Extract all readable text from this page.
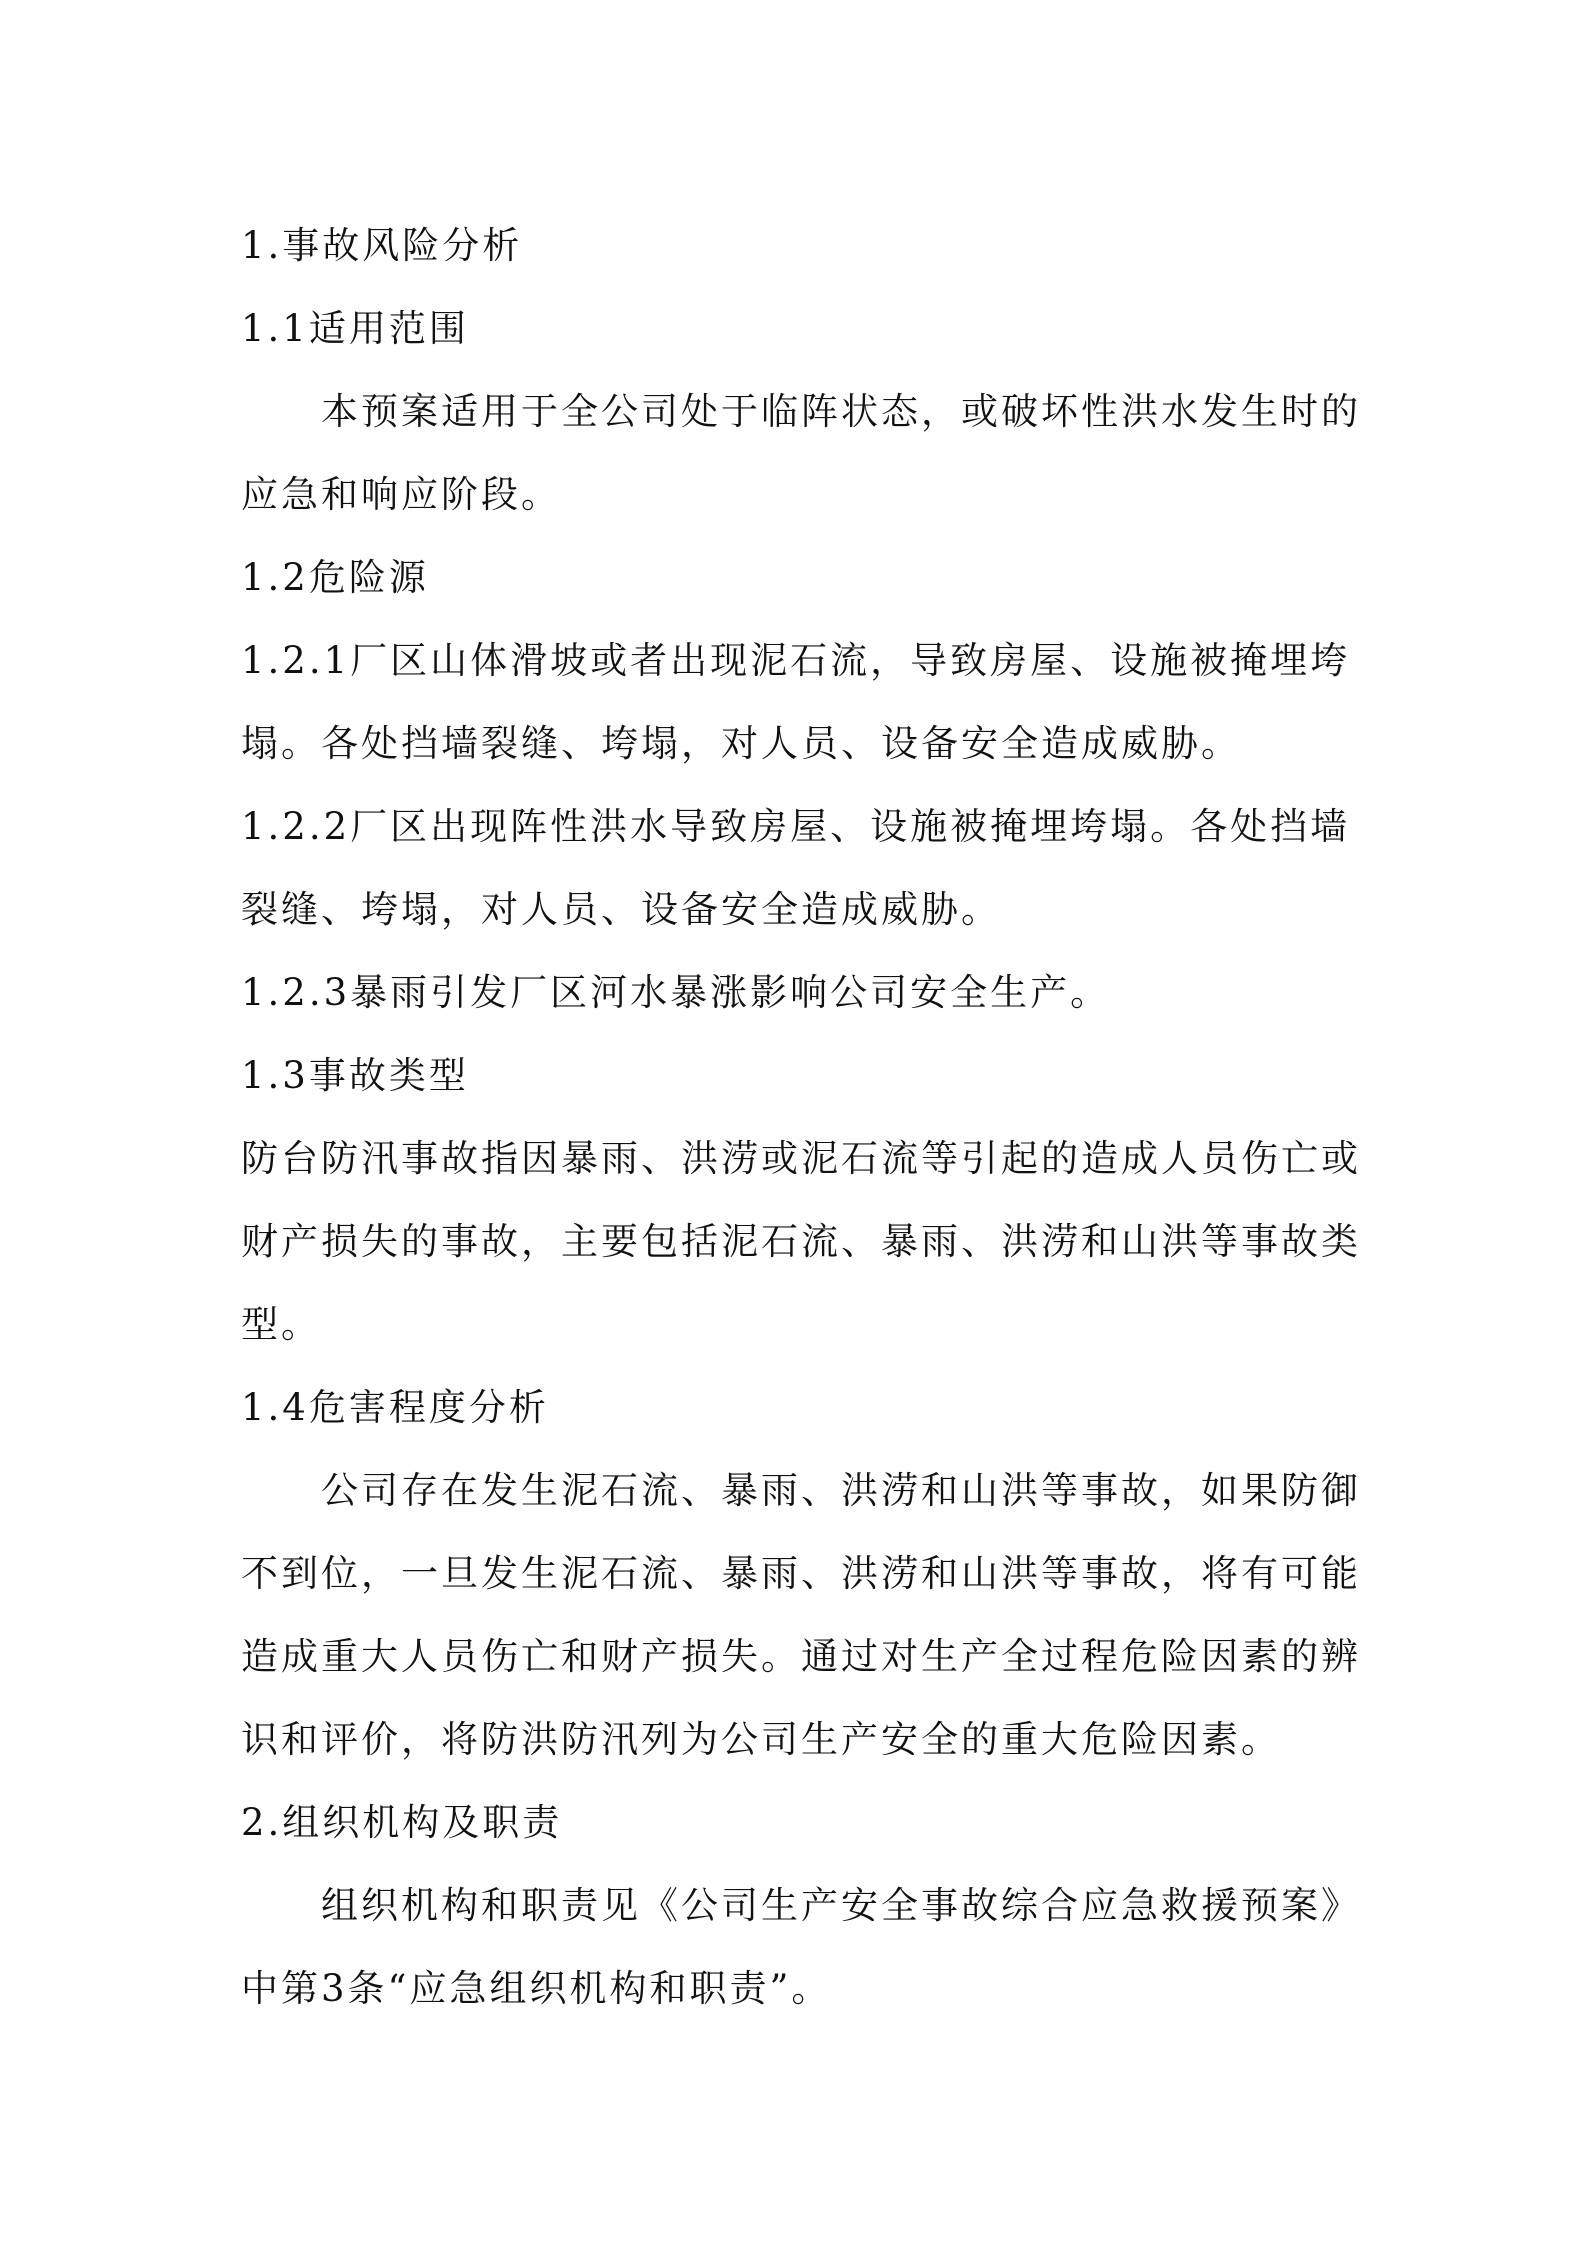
1.事故风险分析

1.1适用范围

本预案适用于全公司处于临阵状态，或破坏性洪水发生时的

应急和响应阶段。

1.2危险源

1.2.1厂区山体滑坡或者出现泥石流，导致房屋、设施被掩埋垮

塌。各处挡墙裂缝、垮塌，对人员、设备安全造成威胁。

1.2.2厂区出现阵性洪水导致房屋、设施被掩埋垮塌。各处挡墙

裂缝、垮塌，对人员、设备安全造成威胁。

1.2.3暴雨引发厂区河水暴涨影响公司安全生产。

1.3事故类型

防台防汛事故指因暴雨、洪涝或泥石流等引起的造成人员伤亡或

财产损失的事故，主要包括泥石流、暴雨、洪涝和山洪等事故类

型。

1.4危害程度分析

公司存在发生泥石流、暴雨、洪涝和山洪等事故，如果防御

不到位，一旦发生泥石流、暴雨、洪涝和山洪等事故，将有可能

造成重大人员伤亡和财产损失。通过对生产全过程危险因素的辨

识和评价，将防洪防汛列为公司生产安全的重大危险因素。

2.组织机构及职责

组织机构和职责见《公司生产安全事故综合应急救援预案》

中第3条“应急组织机构和职责”。
